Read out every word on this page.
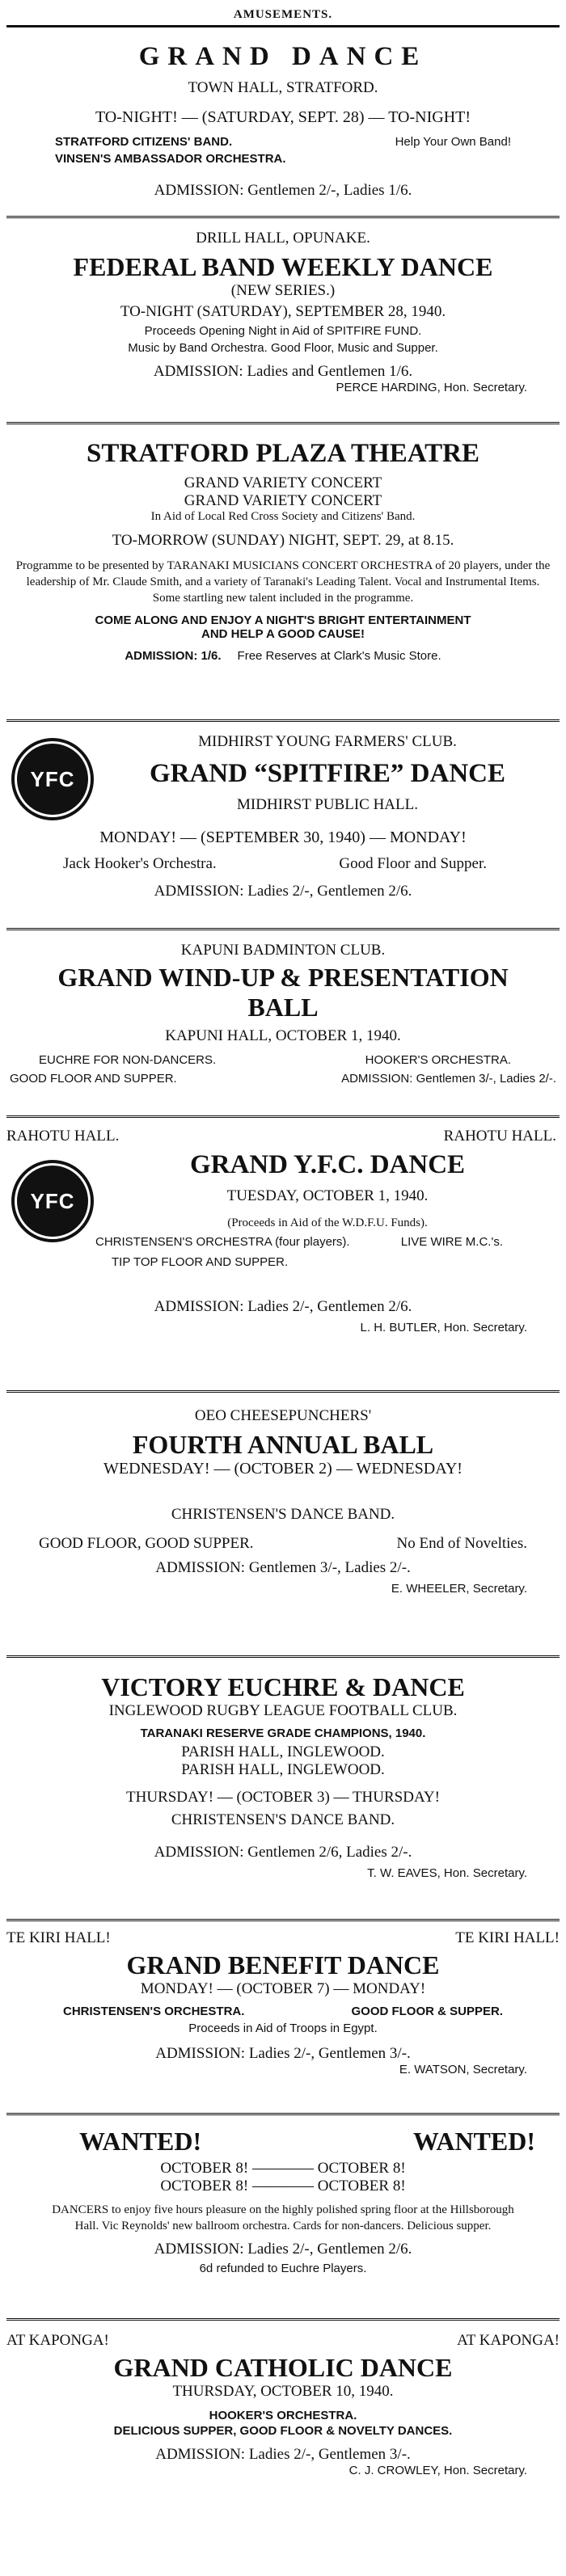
AMUSEMENTS.
GRAND DANCE
TOWN HALL, STRATFORD.
TO-NIGHT! — (SATURDAY, SEPT. 28) — TO-NIGHT!
STRATFORD CITIZENS' BAND.	Help Your Own Band!
VINSEN'S AMBASSADOR ORCHESTRA.
ADMISSION: Gentlemen 2/-, Ladies 1/6.
DRILL HALL, OPUNAKE.
FEDERAL BAND WEEKLY DANCE
(NEW SERIES.)
TO-NIGHT (SATURDAY), SEPTEMBER 28, 1940.
Proceeds Opening Night in Aid of SPITFIRE FUND.
Music by Band Orchestra. Good Floor, Music and Supper.
ADMISSION: Ladies and Gentlemen 1/6.
PERCE HARDING, Hon. Secretary.
STRATFORD PLAZA THEATRE
GRAND VARIETY CONCERT
GRAND VARIETY CONCERT
In Aid of Local Red Cross Society and Citizens' Band.
TO-MORROW (SUNDAY) NIGHT, SEPT. 29, at 8.15.
Programme to be presented by TARANAKI MUSICIANS CONCERT ORCHESTRA of 20 players, under the leadership of Mr. Claude Smith, and a variety of Taranaki's Leading Talent. Vocal and Instrumental Items. Some startling new talent included in the programme.
COME ALONG AND ENJOY A NIGHT'S BRIGHT ENTERTAINMENT
AND HELP A GOOD CAUSE!
ADMISSION: 1/6. Free Reserves at Clark's Music Store.
YFC
MIDHIRST YOUNG FARMERS' CLUB.
GRAND “SPITFIRE” DANCE
MIDHIRST PUBLIC HALL.
MONDAY! — (SEPTEMBER 30, 1940) — MONDAY!
Jack Hooker's Orchestra.	Good Floor and Supper.
ADMISSION: Ladies 2/-, Gentlemen 2/6.
KAPUNI BADMINTON CLUB.
GRAND WIND-UP & PRESENTATION
BALL
KAPUNI HALL, OCTOBER 1, 1940.
EUCHRE FOR NON-DANCERS.	HOOKER'S ORCHESTRA.
GOOD FLOOR AND SUPPER.	ADMISSION: Gentlemen 3/-, Ladies 2/-.
RAHOTU HALL.	RAHOTU HALL.
YFC
GRAND Y.F.C. DANCE
TUESDAY, OCTOBER 1, 1940.
(Proceeds in Aid of the W.D.F.U. Funds).
CHRISTENSEN'S ORCHESTRA (four players).	LIVE WIRE M.C.'s.
TIP TOP FLOOR AND SUPPER.
ADMISSION: Ladies 2/-, Gentlemen 2/6.
L. H. BUTLER, Hon. Secretary.
OEO CHEESEPUNCHERS'
FOURTH ANNUAL BALL
WEDNESDAY! — (OCTOBER 2) — WEDNESDAY!
CHRISTENSEN'S DANCE BAND.
GOOD FLOOR, GOOD SUPPER.	No End of Novelties.
ADMISSION: Gentlemen 3/-, Ladies 2/-.
E. WHEELER, Secretary.
VICTORY EUCHRE & DANCE
INGLEWOOD RUGBY LEAGUE FOOTBALL CLUB.
TARANAKI RESERVE GRADE CHAMPIONS, 1940.
PARISH HALL, INGLEWOOD.
PARISH HALL, INGLEWOOD.
THURSDAY! — (OCTOBER 3) — THURSDAY!
CHRISTENSEN'S DANCE BAND.
ADMISSION: Gentlemen 2/6, Ladies 2/-.
T. W. EAVES, Hon. Secretary.
TE KIRI HALL!	TE KIRI HALL!
GRAND BENEFIT DANCE
MONDAY! — (OCTOBER 7) — MONDAY!
CHRISTENSEN'S ORCHESTRA.	GOOD FLOOR & SUPPER.
Proceeds in Aid of Troops in Egypt.
ADMISSION: Ladies 2/-, Gentlemen 3/-.
E. WATSON, Secretary.
WANTED!	WANTED!
OCTOBER 8! ———— OCTOBER 8!
OCTOBER 8! ———— OCTOBER 8!
DANCERS to enjoy five hours pleasure on the highly polished spring floor at the Hillsborough Hall. Vic Reynolds' new ballroom orchestra. Cards for non-dancers. Delicious supper.
ADMISSION: Ladies 2/-, Gentlemen 2/6.
6d refunded to Euchre Players.
AT KAPONGA!	AT KAPONGA!
GRAND CATHOLIC DANCE
THURSDAY, OCTOBER 10, 1940.
HOOKER'S ORCHESTRA.
DELICIOUS SUPPER, GOOD FLOOR & NOVELTY DANCES.
ADMISSION: Ladies 2/-, Gentlemen 3/-.
C. J. CROWLEY, Hon. Secretary.
